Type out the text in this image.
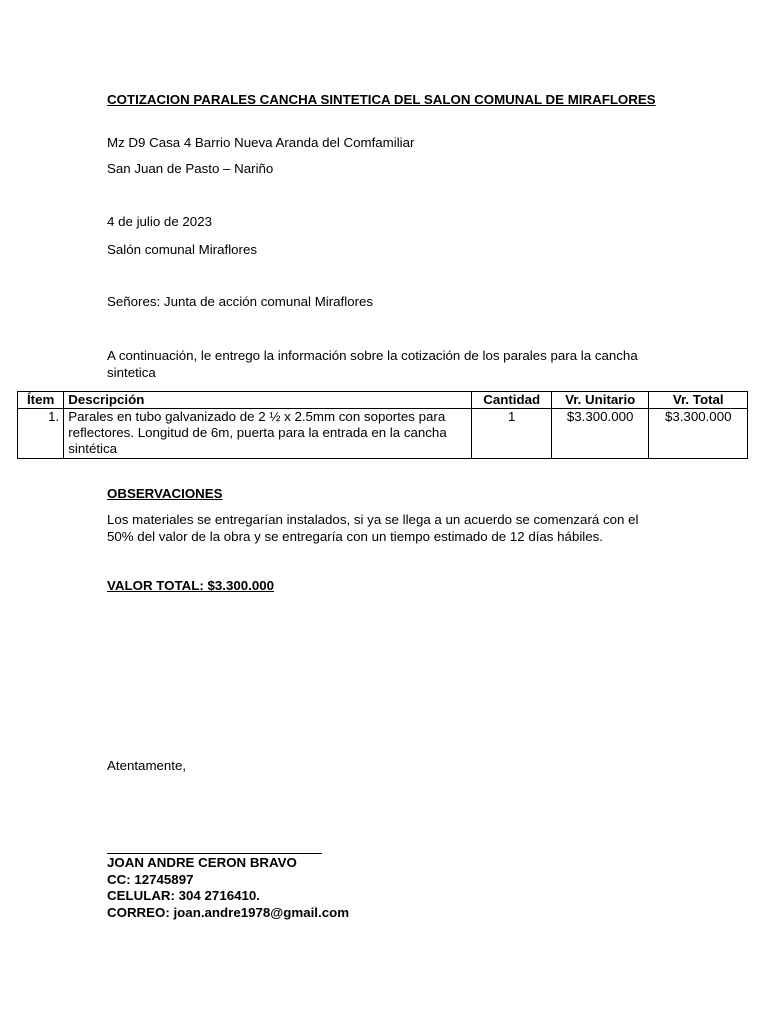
COTIZACION PARALES CANCHA SINTETICA DEL SALON COMUNAL DE MIRAFLORES
Mz D9 Casa 4 Barrio Nueva Aranda del Comfamiliar
San Juan de Pasto – Nariño
4 de julio de 2023
Salón comunal Miraflores
Señores: Junta de acción comunal Miraflores
A continuación, le entrego la información sobre la cotización de los parales para la cancha sintetica
Ítem	Descripción	Cantidad	Vr. Unitario	Vr. Total
1.	Parales en tubo galvanizado de 2 ½ x 2.5mm con soportes para reflectores. Longitud de 6m, puerta para la entrada en la cancha sintética	1	$3.300.000	$3.300.000
OBSERVACIONES
Los materiales se entregarían instalados, si ya se llega a un acuerdo se comenzará con el 50% del valor de la obra y se entregaría con un tiempo estimado de 12 días hábiles.
VALOR TOTAL: $3.300.000
Atentamente,
JOAN ANDRE CERON BRAVO
CC: 12745897
CELULAR: 304 2716410.
CORREO: joan.andre1978@gmail.com
